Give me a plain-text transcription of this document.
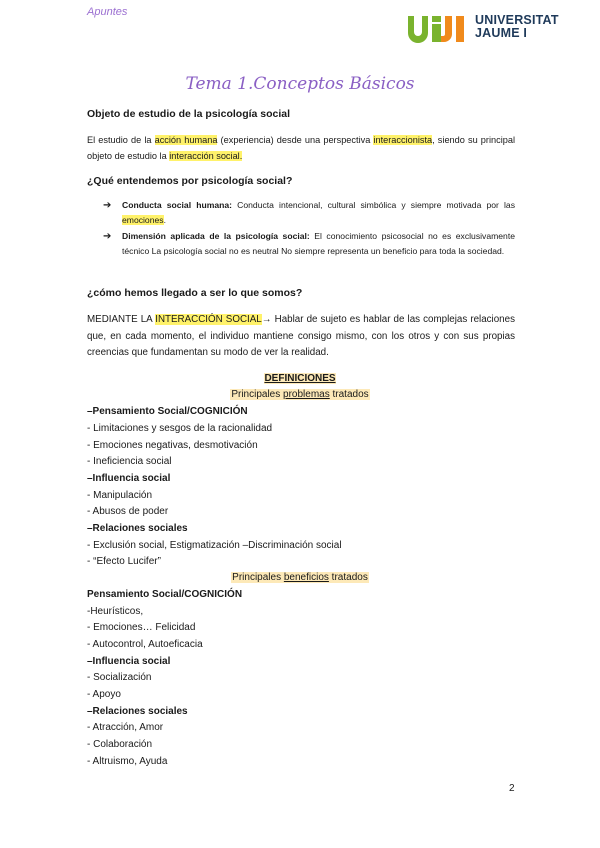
Apuntes
UNIVERSITAT
JAUME I
Tema 1.Conceptos Básicos
Objeto de estudio de la psicología social
El estudio de la acción humana (experiencia) desde una perspectiva interaccionista, siendo su principal objeto de estudio la interacción social.
¿Qué entendemos por psicología social?
➔ Conducta social humana: Conducta intencional, cultural simbólica y siempre motivada por las emociones.
➔ Dimensión aplicada de la psicología social: El conocimiento psicosocial no es exclusivamente técnico La psicología social no es neutral No siempre representa un beneficio para toda la sociedad.
¿cómo hemos llegado a ser lo que somos?
MEDIANTE LA INTERACCIÓN SOCIAL→ Hablar de sujeto es hablar de las complejas relaciones que, en cada momento, el individuo mantiene consigo mismo, con los otros y con sus propias creencias que fundamentan su modo de ver la realidad.
DEFINICIONES
Principales problemas tratados
–Pensamiento Social/COGNICIÓN
- Limitaciones y sesgos de la racionalidad
- Emociones negativas, desmotivación
- Ineficiencia social
–Influencia social
- Manipulación
- Abusos de poder
–Relaciones sociales
- Exclusión social, Estigmatización –Discriminación social
- “Efecto Lucifer”
Principales beneficios tratados
Pensamiento Social/COGNICIÓN
-Heurísticos,
- Emociones… Felicidad
- Autocontrol, Autoeficacia
–Influencia social
- Socialización
- Apoyo
–Relaciones sociales
- Atracción, Amor
- Colaboración
- Altruismo, Ayuda
2
